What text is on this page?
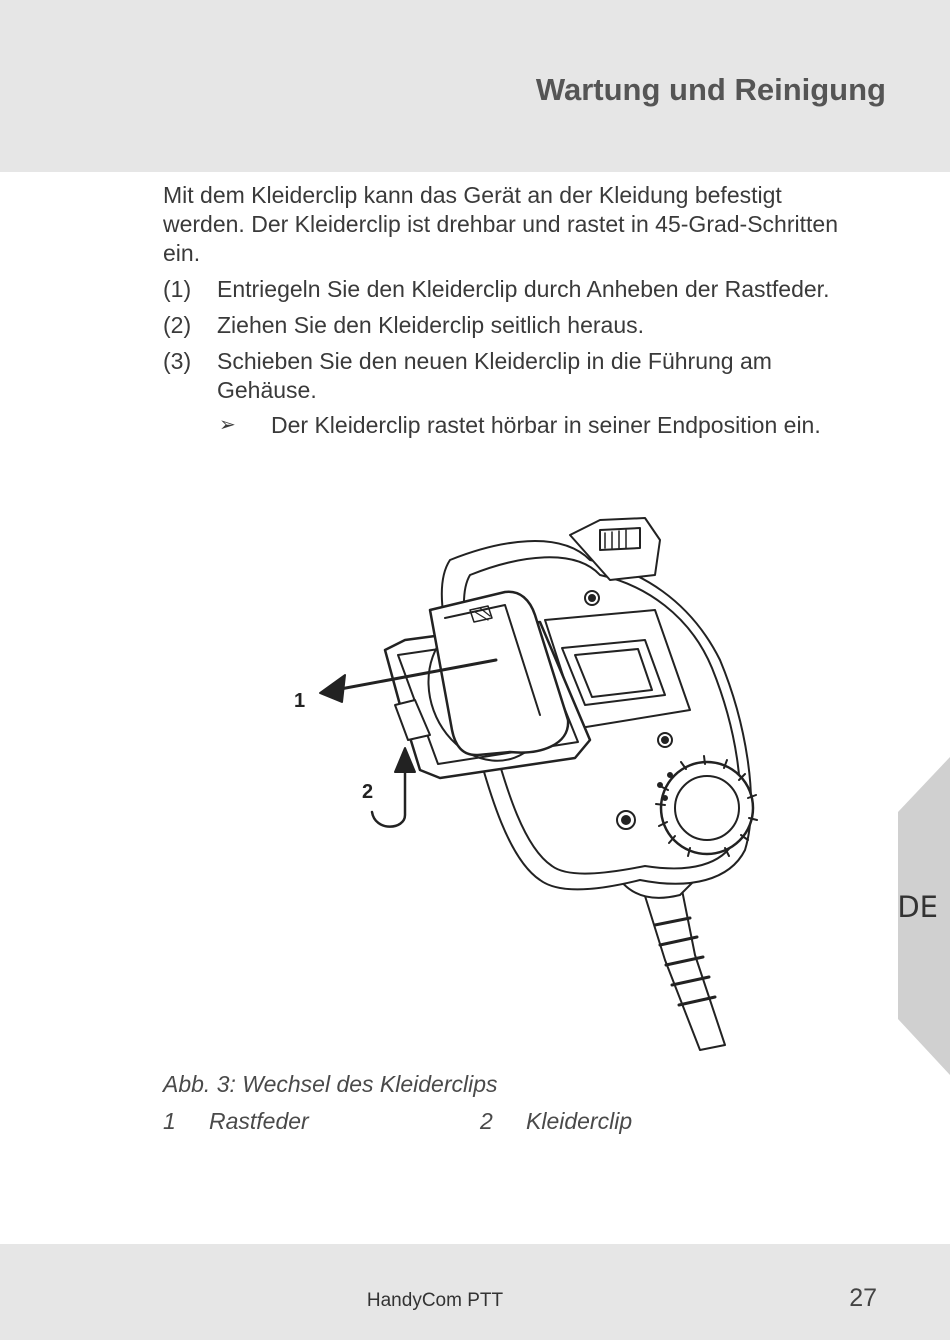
Wartung und Reinigung

Mit dem Kleiderclip kann das Gerät an der Kleidung befestigt werden. Der Kleiderclip ist drehbar und rastet in 45-Grad-Schritten ein.

(1) Entriegeln Sie den Kleiderclip durch Anheben der Rastfeder.
(2) Ziehen Sie den Kleiderclip seitlich heraus.
(3) Schieben Sie den neuen Kleiderclip in die Führung am Gehäuse.
➢ Der Kleiderclip rastet hörbar in seiner Endposition ein.
1
2
Abb. 3: Wechsel des Kleiderclips
1 Rastfeder	2 Kleiderclip
DE
HandyCom PTT	27
